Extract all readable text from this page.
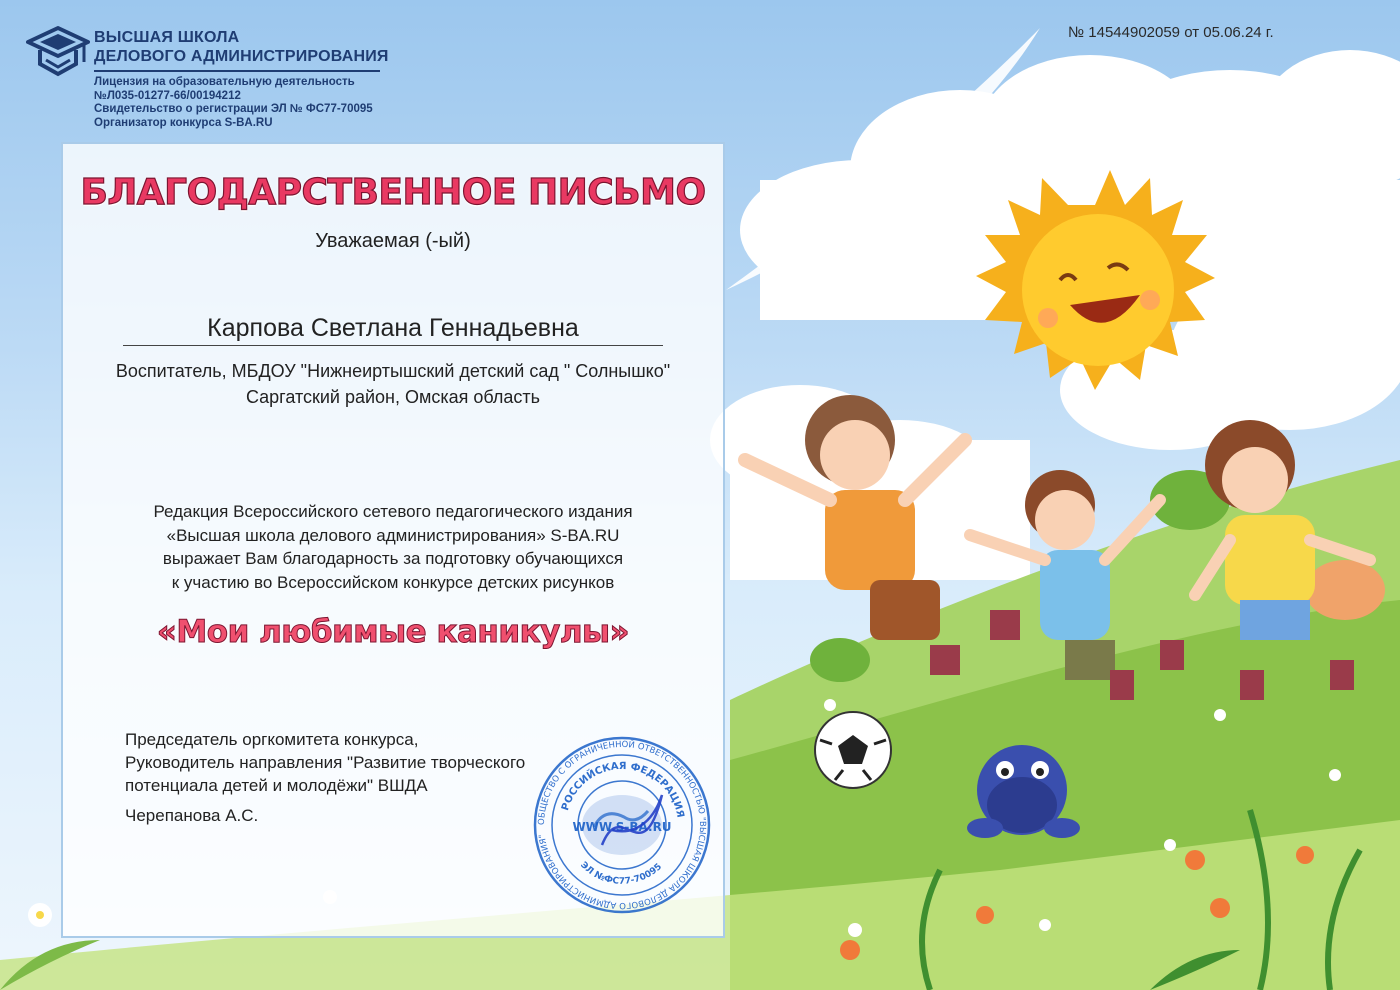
ВЫСШАЯ ШКОЛА
ДЕЛОВОГО АДМИНИСТРИРОВАНИЯ
Лицензия на образовательную деятельность
№Л035-01277-66/00194212
Свидетельство о регистрации ЭЛ № ФС77-70095
Организатор конкурса S-BA.RU
№ 14544902059 от 05.06.24 г.
БЛАГОДАРСТВЕННОЕ ПИСЬМО
Уважаемая (-ый)
Карпова Светлана Геннадьевна
Воспитатель, МБДОУ "Нижнеиртышский детский сад " Солнышко" Саргатский район, Омская область
Редакция Всероссийского сетевого педагогического издания
«Высшая школа делового администрирования» S-BA.RU
выражает Вам благодарность за подготовку обучающихся
к участию во Всероссийском конкурсе детских рисунков
«Мои любимые каникулы»
Председатель оргкомитета конкурса,
Руководитель направления "Развитие творческого
потенциала детей и молодёжи" ВШДА
Черепанова А.С.	ОБЩЕСТВО С ОГРАНИЧЕННОЙ ОТВЕТСТВЕННОСТЬЮ "ВЫСШАЯ ШКОЛА ДЕЛОВОГО АДМИНИСТРИРОВАНИЯ"
РОССИЙСКАЯ ФЕДЕРАЦИЯ
ЭЛ №ФС77-70095
WWW.S-BA.RU
